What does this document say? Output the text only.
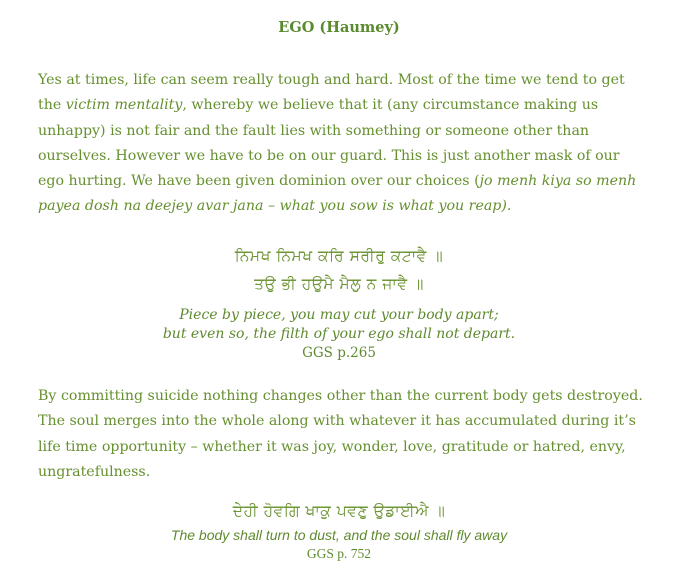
EGO (Haumey)

Yes at times, life can seem really tough and hard. Most of the time we tend to get the victim mentality, whereby we believe that it (any circumstance making us unhappy) is not fair and the fault lies with something or someone other than ourselves. However we have to be on our guard. This is just another mask of our ego hurting. We have been given dominion over our choices (jo menh kiya so menh payea dosh na deejey avar jana – what you sow is what you reap).

ਨਿਮਖ ਨਿਮਖ ਕਰਿ ਸਰੀਰੁ ਕਟਾਵੈ ॥
ਤਉ ਭੀ ਹਉਮੈ ਮੈਲੁ ਨ ਜਾਵੈ ॥
Piece by piece, you may cut your body apart;
but even so, the filth of your ego shall not depart.
GGS p.265

By committing suicide nothing changes other than the current body gets destroyed. The soul merges into the whole along with whatever it has accumulated during it’s life time opportunity – whether it was joy, wonder, love, gratitude or hatred, envy, ungratefulness.

ਦੇਹੀ ਹੋਵਗਿ ਖਾਕੁ ਪਵਣੁ ਉਡਾਈਐ ॥
The body shall turn to dust, and the soul shall fly away
GGS p. 752
